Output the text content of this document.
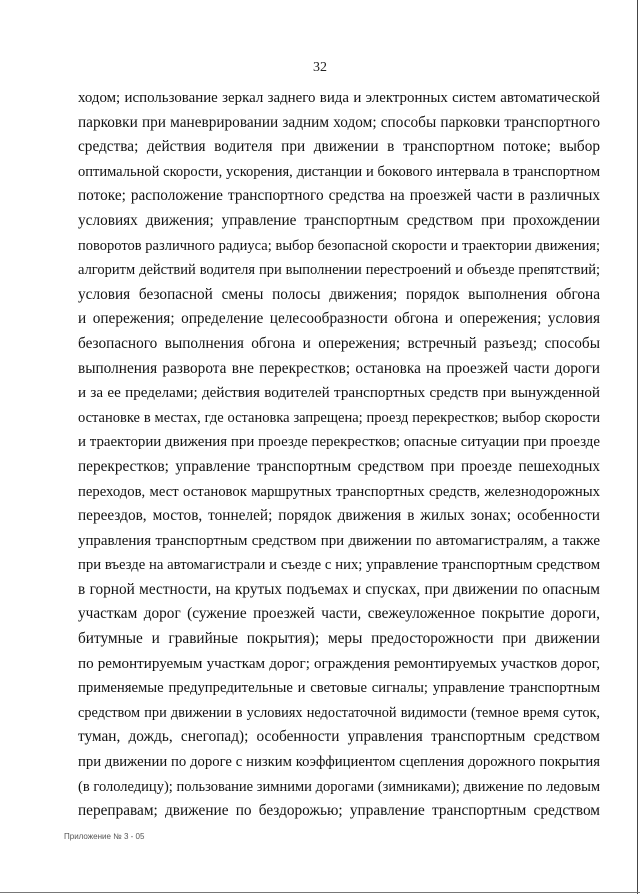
32
ходом; использование зеркал заднего вида и электронных систем автоматической
парковки при маневрировании задним ходом; способы парковки транспортного
средства; действия водителя при движении в транспортном потоке; выбор
оптимальной скорости, ускорения, дистанции и бокового интервала в транспортном
потоке; расположение транспортного средства на проезжей части в различных
условиях движения; управление транспортным средством при прохождении
поворотов различного радиуса; выбор безопасной скорости и траектории движения;
алгоритм действий водителя при выполнении перестроений и объезде препятствий;
условия безопасной смены полосы движения; порядок выполнения обгона
и опережения; определение целесообразности обгона и опережения; условия
безопасного выполнения обгона и опережения; встречный разъезд; способы
выполнения разворота вне перекрестков; остановка на проезжей части дороги
и за ее пределами; действия водителей транспортных средств при вынужденной
остановке в местах, где остановка запрещена; проезд перекрестков; выбор скорости
и траектории движения при проезде перекрестков; опасные ситуации при проезде
перекрестков; управление транспортным средством при проезде пешеходных
переходов, мест остановок маршрутных транспортных средств, железнодорожных
переездов, мостов, тоннелей; порядок движения в жилых зонах; особенности
управления транспортным средством при движении по автомагистралям, а также
при въезде на автомагистрали и съезде с них; управление транспортным средством
в горной местности, на крутых подъемах и спусках, при движении по опасным
участкам дорог (сужение проезжей части, свежеуложенное покрытие дороги,
битумные и гравийные покрытия); меры предосторожности при движении
по ремонтируемым участкам дорог; ограждения ремонтируемых участков дорог,
применяемые предупредительные и световые сигналы; управление транспортным
средством при движении в условиях недостаточной видимости (темное время суток,
туман, дождь, снегопад); особенности управления транспортным средством
при движении по дороге с низким коэффициентом сцепления дорожного покрытия
(в гололедицу); пользование зимними дорогами (зимниками); движение по ледовым
переправам; движение по бездорожью; управление транспортным средством
Приложение № 3 - 05
